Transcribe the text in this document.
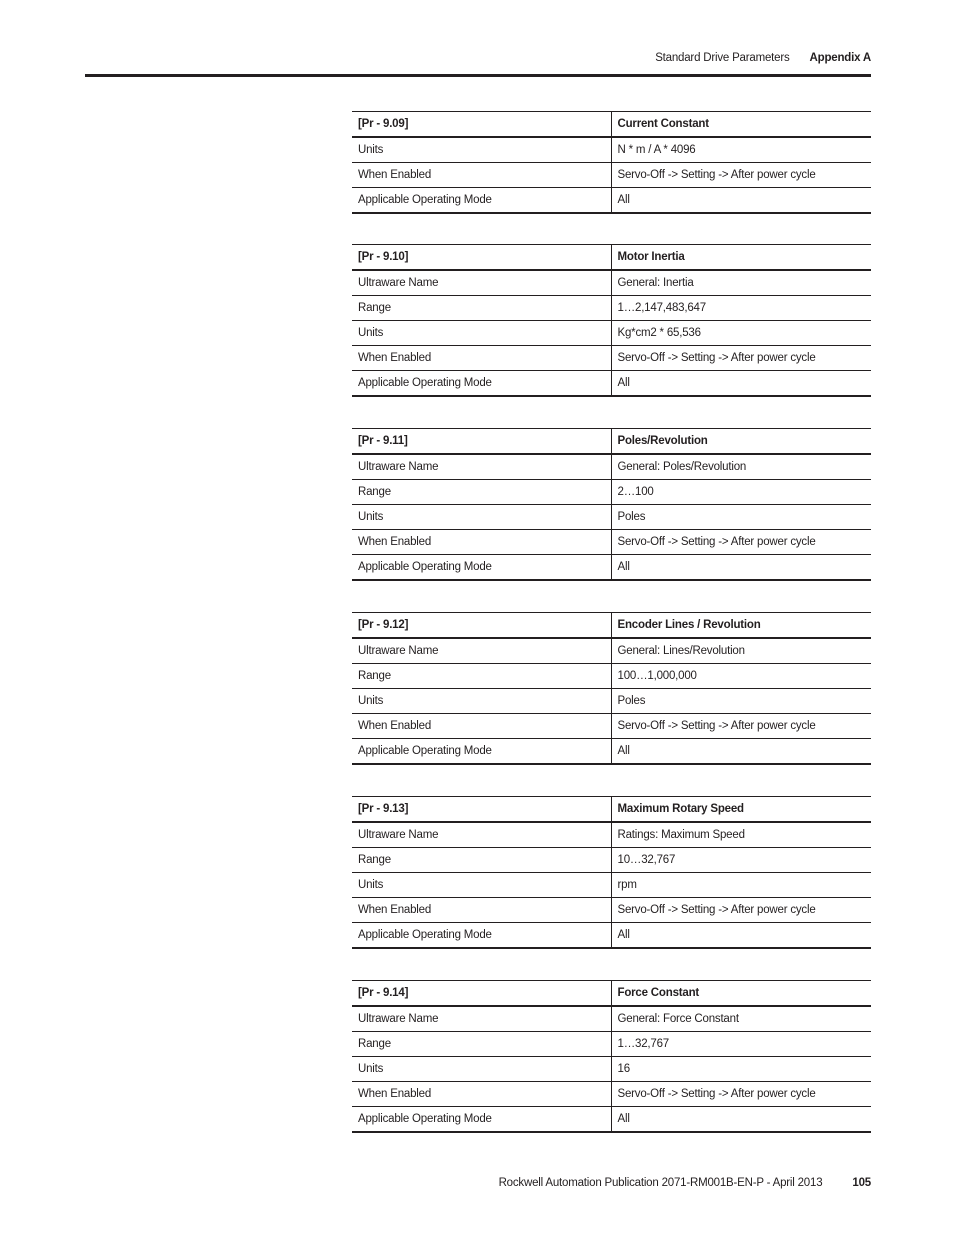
Standard Drive Parameters Appendix A
[Pr - 9.09]	Current Constant
Units	N * m / A * 4096
When Enabled	Servo-Off -> Setting -> After power cycle
Applicable Operating Mode	All
[Pr - 9.10]	Motor Inertia
Ultraware Name	General: Inertia
Range	1…2,147,483,647
Units	Kg*cm2 * 65,536
When Enabled	Servo-Off -> Setting -> After power cycle
Applicable Operating Mode	All
[Pr - 9.11]	Poles/Revolution
Ultraware Name	General: Poles/Revolution
Range	2…100
Units	Poles
When Enabled	Servo-Off -> Setting -> After power cycle
Applicable Operating Mode	All
[Pr - 9.12]	Encoder Lines / Revolution
Ultraware Name	General: Lines/Revolution
Range	100…1,000,000
Units	Poles
When Enabled	Servo-Off -> Setting -> After power cycle
Applicable Operating Mode	All
[Pr - 9.13]	Maximum Rotary Speed
Ultraware Name	Ratings: Maximum Speed
Range	10…32,767
Units	rpm
When Enabled	Servo-Off -> Setting -> After power cycle
Applicable Operating Mode	All
[Pr - 9.14]	Force Constant
Ultraware Name	General: Force Constant
Range	1…32,767
Units	16
When Enabled	Servo-Off -> Setting -> After power cycle
Applicable Operating Mode	All
Rockwell Automation Publication 2071-RM001B-EN-P - April 2013	105
